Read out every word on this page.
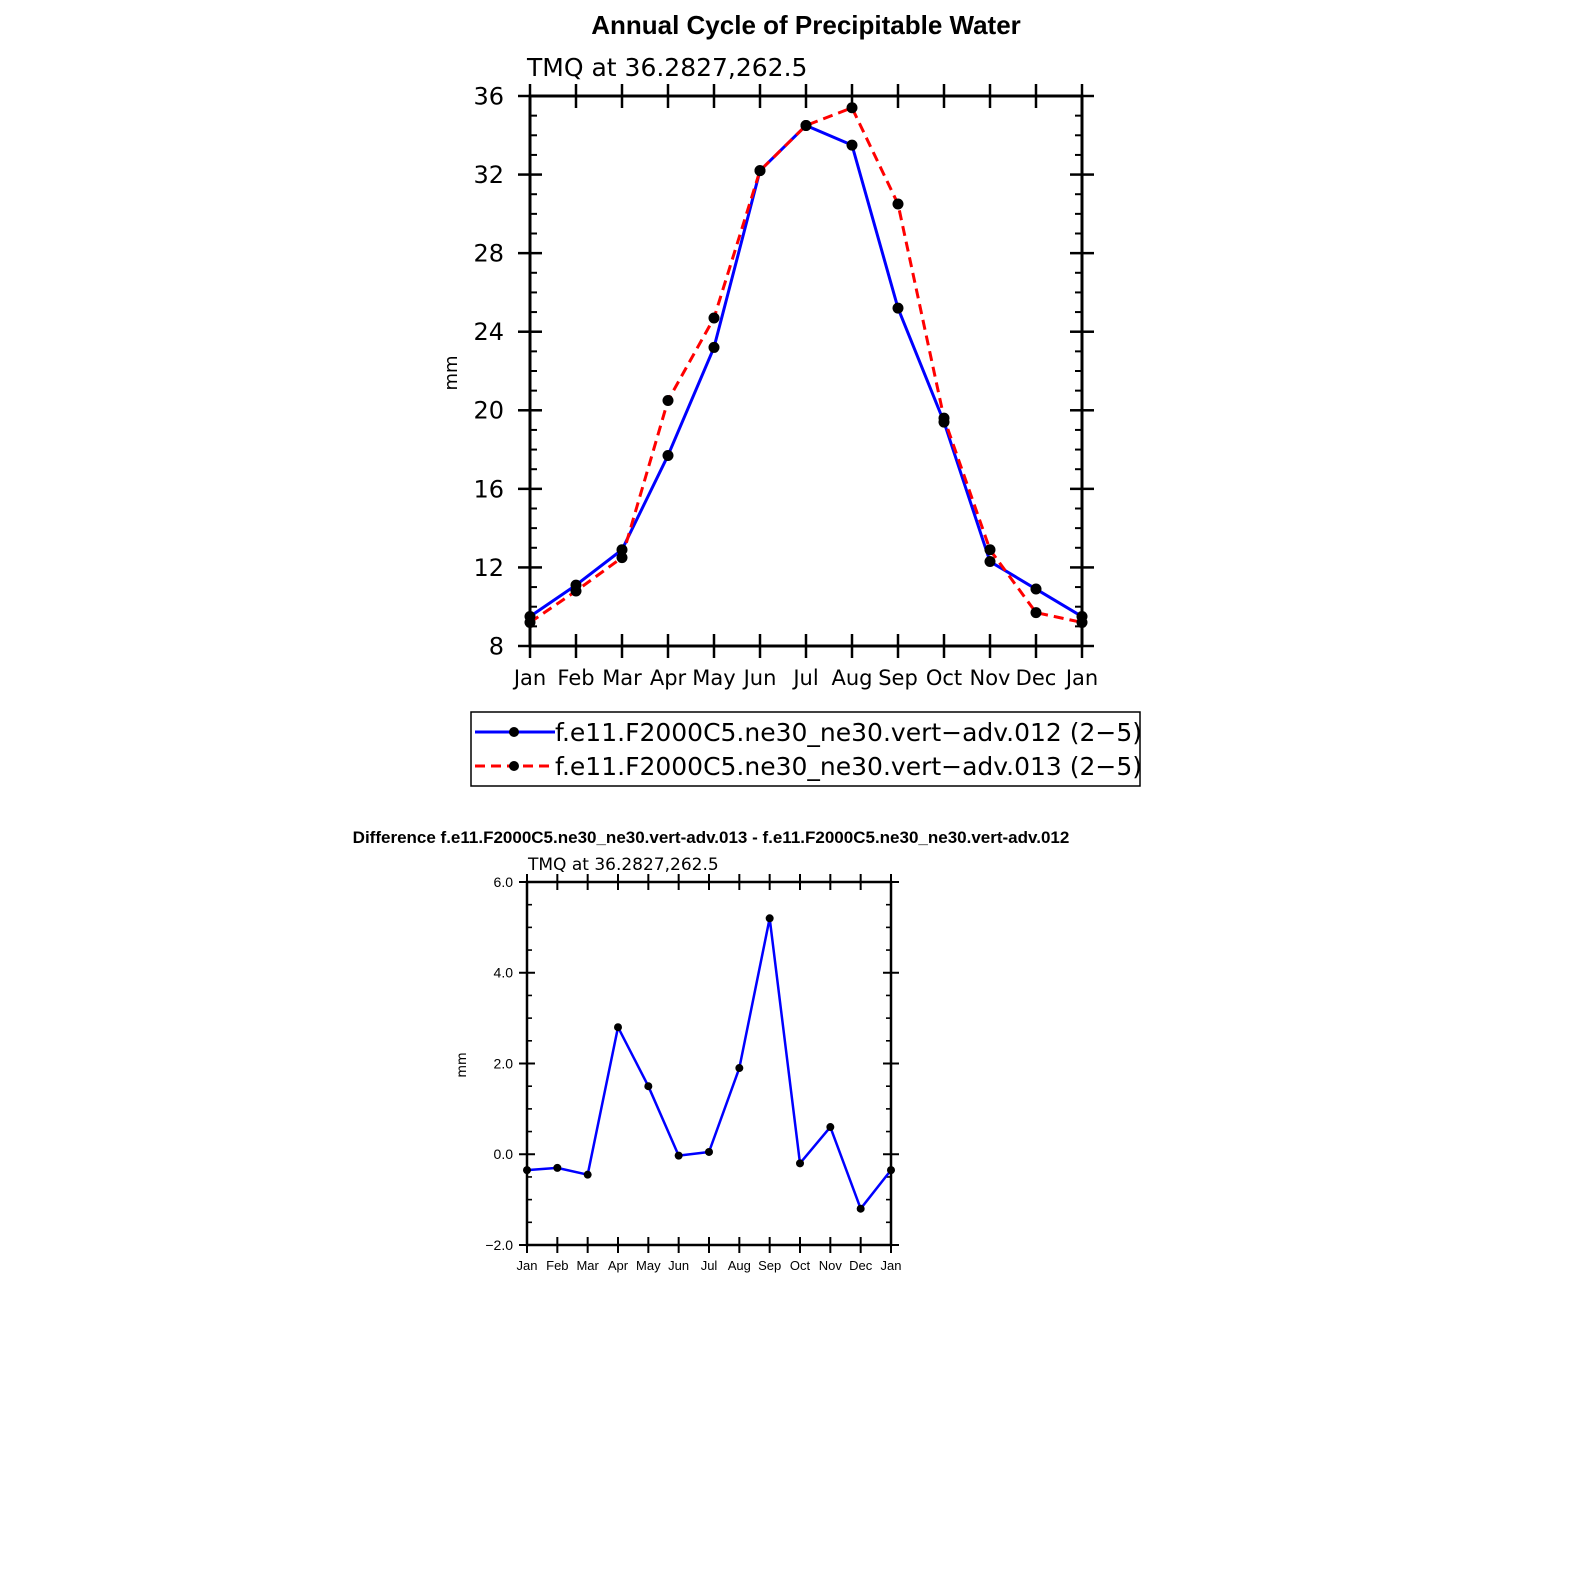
Annual Cycle of Precipitable Water
TMQ at 36.2827,262.5
mm
Jan Feb Mar Apr May Jun Jul Aug Sep Oct Nov Dec Jan
8
12
16
20
24
28
32
36
f.e11.F2000C5.ne30_ne30.vert−adv.012 (2−5)
f.e11.F2000C5.ne30_ne30.vert−adv.013 (2−5)
Difference f.e11.F2000C5.ne30_ne30.vert-adv.013 - f.e11.F2000C5.ne30_ne30.vert-adv.012
TMQ at 36.2827,262.5
mm
Jan Feb Mar Apr May Jun Jul Aug Sep Oct Nov Dec Jan
−2.0
0.0
2.0
4.0
6.0
